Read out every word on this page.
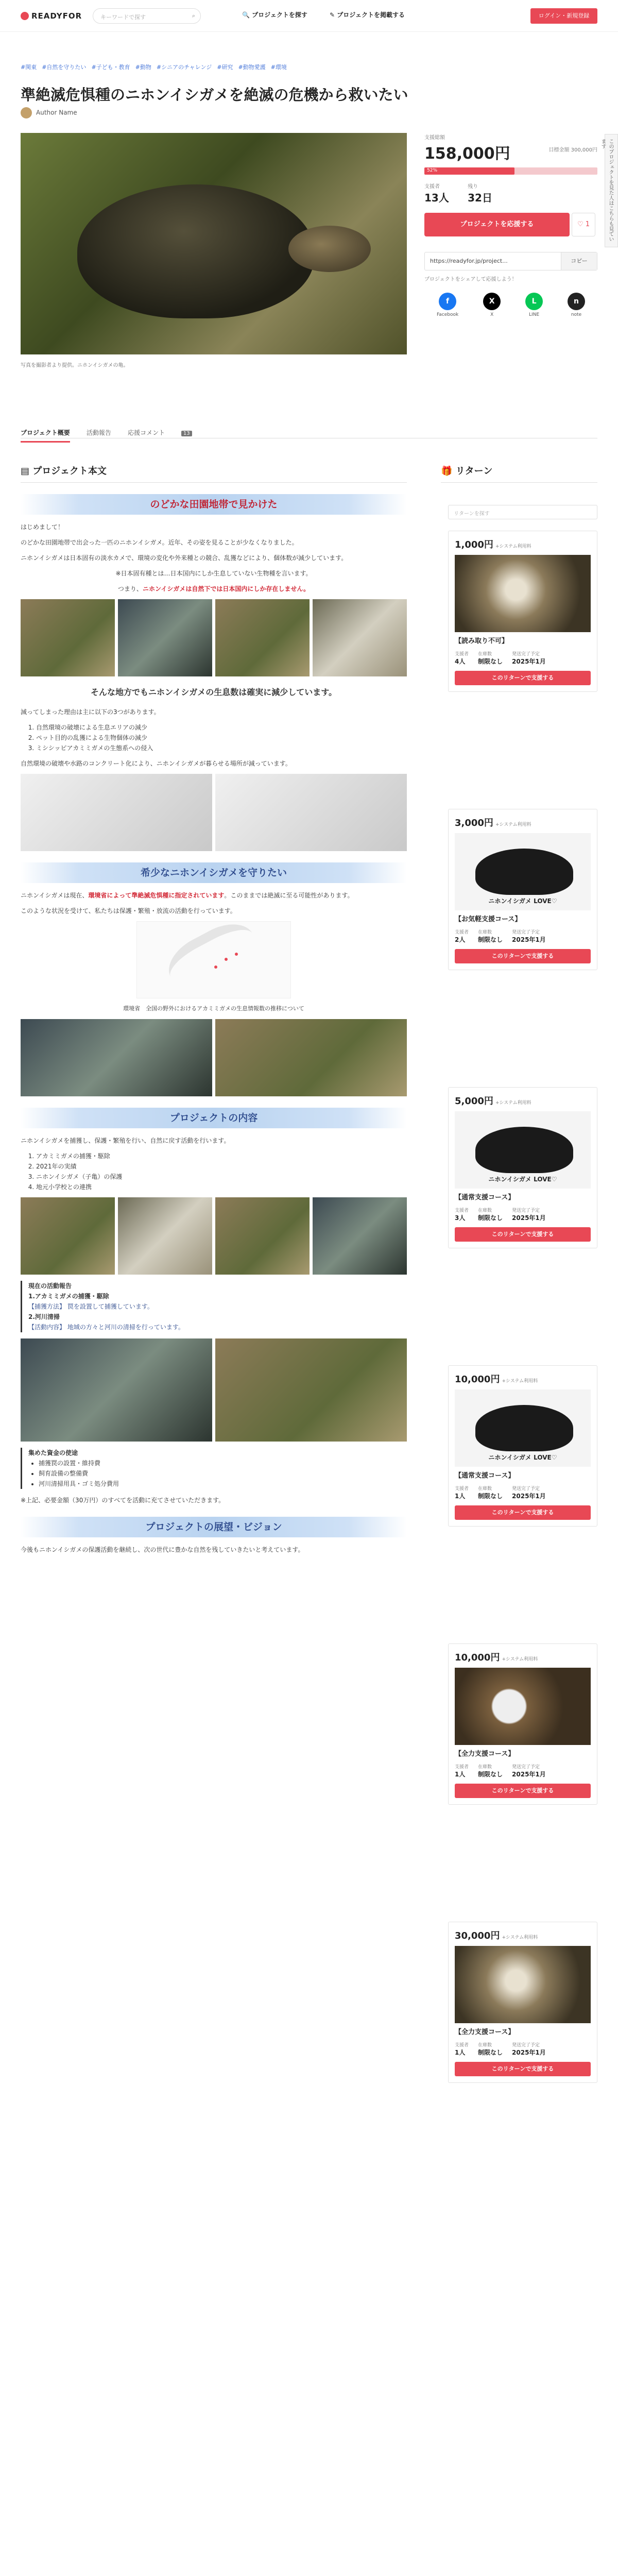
READYFOR	キーワードで探す	⌕	🔍 プロジェクトを探す	✎ プロジェクトを掲載する	ログイン・新規登録
#関東 #自然を守りたい #子ども・教育 #動物 #シニアのチャレンジ #研究 #動物愛護 #環境
準絶滅危惧種のニホンイシガメを絶滅の危機から救いたい
Author Name
写真を撮影者より提供。ニホンイシガメの亀。
支援総額
158,000円	目標金額 300,000円
52%
支援者
13人

残り
32日
プロジェクトを応援する	♡ 1
https://readyfor.jp/project...	コピー
プロジェクトをシェアして応援しよう！
f
Facebook
X
X
L
LINE
n
note
このプロジェクトを見た人はこちらも見ています
プロジェクト概要	活動報告	応援コメント	13
▤ プロジェクト本文
のどかな田園地帯で見かけた
はじめまして！
のどかな田園地帯で出会った一匹のニホンイシガメ。近年、その姿を見ることが少なくなりました。
ニホンイシガメは日本固有の淡水カメで、環境の変化や外来種との競合、乱獲などにより、個体数が減少しています。
※日本固有種とは…日本国内にしか生息していない生物種を言います。
つまり、ニホンイシガメは自然下では日本国内にしか存在しません。
そんな地方でもニホンイシガメの生息数は確実に減少しています。
減ってしまった理由は主に以下の3つがあります。
1. 自然環境の破壊による生息エリアの減少
2. ペット目的の乱獲による生物個体の減少
3. ミシシッピアカミミガメの生態系への侵入
自然環境の破壊や水路のコンクリート化により、ニホンイシガメが暮らせる場所が減っています。
希少なニホンイシガメを守りたい
ニホンイシガメは現在、環境省によって準絶滅危惧種に指定されています。このままでは絶滅に至る可能性があります。
このような状況を受けて、私たちは保護・繁殖・放流の活動を行っています。
環境省　全国の野外におけるアカミミガメの生息情報数の推移について
プロジェクトの内容
ニホンイシガメを捕獲し、保護・繁殖を行い、自然に戻す活動を行います。
1. アカミミガメの捕獲・駆除
2. 2021年の実績
3. ニホンイシガメ（子亀）の保護
4. 地元小学校との連携
現在の活動報告
1.アカミミガメの捕獲・駆除
【捕獲方法】 罠を設置して捕獲しています。
2.河川清掃
【活動内容】 地域の方々と河川の清掃を行っています。
集めた資金の使途
• 捕獲罠の設置・維持費
• 飼育設備の整備費
• 河川清掃用具・ゴミ処分費用
※上記、必要金額（30万円）のすべてを活動に充てさせていただきます。
プロジェクトの展望・ビジョン
今後もニホンイシガメの保護活動を継続し、次の世代に豊かな自然を残していきたいと考えています。
🎁 リターン
リターンを探す
1,000円 +システム利用料
【読み取り不可】
支援者
4人
在庫数
制限なし
発送完了予定
2025年1月
このリターンで支援する
3,000円 +システム利用料
ニホンイシガメ LOVE♡
【お気軽支援コース】
支援者
2人
在庫数
制限なし
発送完了予定
2025年1月
このリターンで支援する
5,000円 +システム利用料
ニホンイシガメ LOVE♡
【通常支援コース】
支援者
3人
在庫数
制限なし
発送完了予定
2025年1月
このリターンで支援する
10,000円 +システム利用料
ニホンイシガメ LOVE♡
【通常支援コース】
支援者
1人
在庫数
制限なし
発送完了予定
2025年1月
このリターンで支援する
10,000円 +システム利用料
【全力支援コース】
支援者
1人
在庫数
制限なし
発送完了予定
2025年1月
このリターンで支援する
30,000円 +システム利用料
【全力支援コース】
支援者
1人
在庫数
制限なし
発送完了予定
2025年1月
このリターンで支援する
